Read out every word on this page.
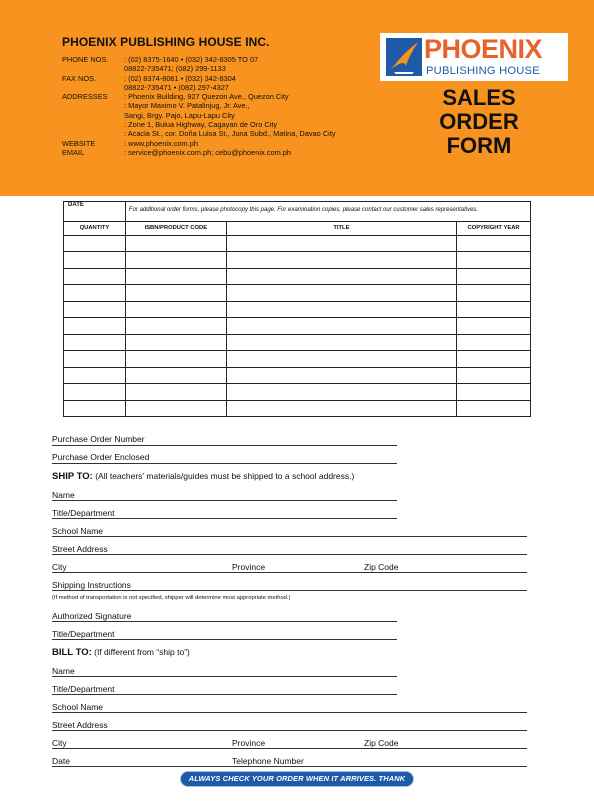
PHOENIX PUBLISHING HOUSE INC.
PHONE NOS.	: (02) 8375-1640 • (032) 342-8305 TO 07
08822-735471; (082) 299-1133
FAX NOS.	: (02) 8374-8061 • (032) 342-8304
08822-735471 • (082) 297-4327
ADDRESSES	: Phoenix Building, 927 Quezon Ave., Quezon City
: Mayor Maximo V. Patalinjug, Jr. Ave.,
Sangi, Brgy. Pajo, Lapu-Lapu City
: Zone 1, Bulua Highway, Cagayan de Oro City
: Acacia St., cor. Doña Luisa St., Juna Subd., Matina, Davao City
WEBSITE	: www.phoenix.com.ph
EMAIL	: service@phoenix.com.ph; cebu@phoenix.com.ph
PHOENIX
PUBLISHING HOUSE
SALES
ORDER
FORM
DATE	For additional order forms, please photocopy this page. For examination copies, please contact our customer sales representatives.		
QUANTITY	ISBN/PRODUCT CODE	TITLE	COPYRIGHT YEAR

Purchase Order Number
Purchase Order Enclosed
SHIP TO: (All teachers' materials/guides must be shipped to a school address.)
Name
Title/Department
School Name
Street Address
City	Province	Zip Code
Shipping Instructions
(If method of transportation is not specified, shipper will determine most appropriate method.)
Authorized Signature
Title/Department
BILL TO: (If different from “ship to”)
Name
Title/Department
School Name
Street Address
City	Province	Zip Code
Date	Telephone Number
ALWAYS CHECK YOUR ORDER WHEN IT ARRIVES. THANK YOU.
